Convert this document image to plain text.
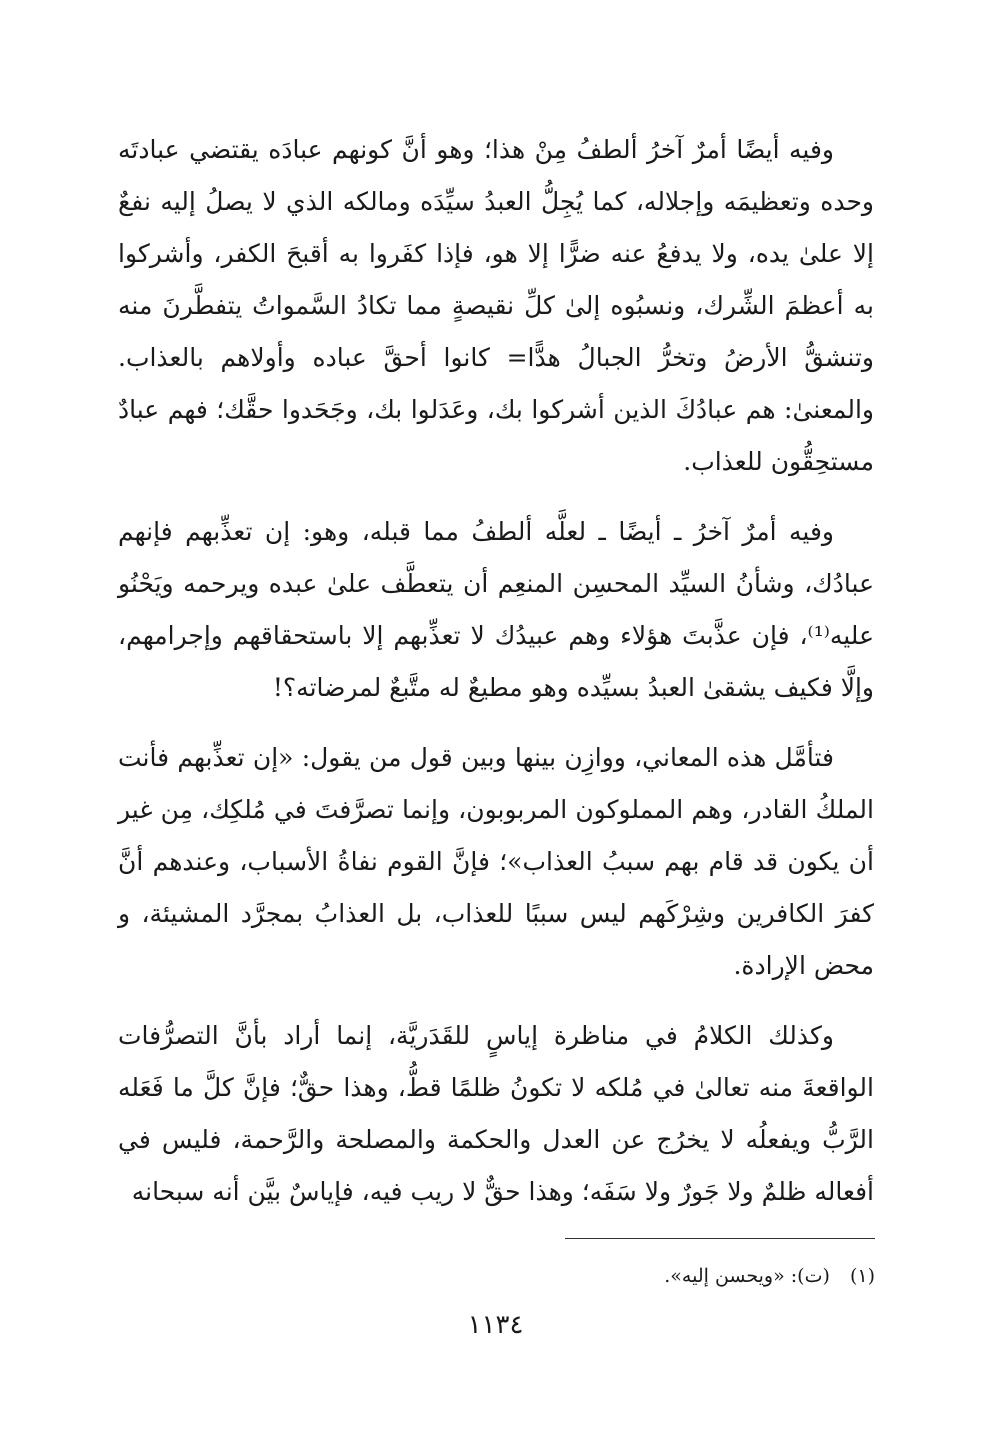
وفيه أيضًا أمرٌ آخرُ ألطفُ مِنْ هذا؛ وهو أنَّ كونهم عبادَه يقتضي عبادتَه وحده وتعظيمَه وإجلاله، كما يُجِلُّ العبدُ سيِّدَه ومالكه الذي لا يصلُ إليه نفعٌ إلا علىٰ يده، ولا يدفعُ عنه ضرًّا إلا هو، فإذا كفَروا به أقبحَ الكفر، وأشركوا به أعظمَ الشِّرك، ونسبُوه إلىٰ كلِّ نقيصةٍ مما تكادُ السَّمواتُ يتفطَّرنَ منه وتنشقُّ الأرضُ وتخرُّ الجبالُ هدًّا= كانوا أحقَّ عباده وأولاهم بالعذاب. والمعنىٰ: هم عبادُكَ الذين أشركوا بك، وعَدَلوا بك، وجَحَدوا حقَّك؛ فهم عبادٌ مستحِقُّون للعذاب.

وفيه أمرٌ آخرُ ـ أيضًا ـ لعلَّه ألطفُ مما قبله، وهو: إن تعذِّبهم فإنهم عبادُك، وشأنُ السيِّد المحسِن المنعِم أن يتعطَّف علىٰ عبده ويرحمه ويَحْنُو عليه⁽¹⁾، فإن عذَّبتَ هؤلاء وهم عبيدُك لا تعذِّبهم إلا باستحقاقهم وإجرامهم، وإلَّا فكيف يشقىٰ العبدُ بسيِّده وهو مطيعٌ له متَّبعٌ لمرضاته؟!

فتأمَّل هذه المعاني، ووازِن بينها وبين قول من يقول: «إن تعذِّبهم فأنت الملكُ القادر، وهم المملوكون المربوبون، وإنما تصرَّفتَ في مُلكِك، مِن غير أن يكون قد قام بهم سببُ العذاب»؛ فإنَّ القوم نفاةُ الأسباب، وعندهم أنَّ كفرَ الكافرين وشِرْكَهم ليس سببًا للعذاب، بل العذابُ بمجرَّد المشيئة، و محض الإرادة.

وكذلك الكلامُ في مناظرة إياسٍ للقَدَريَّة، إنما أراد بأنَّ التصرُّفات الواقعةَ منه تعالىٰ في مُلكه لا تكونُ ظلمًا قطُّ، وهذا حقٌّ؛ فإنَّ كلَّ ما فَعَله الرَّبُّ ويفعلُه لا يخرُج عن العدل والحكمة والمصلحة والرَّحمة، فليس في أفعاله ظلمٌ ولا جَورٌ ولا سَفَه؛ وهذا حقٌّ لا ريب فيه، فإياسٌ بيَّن أنه سبحانه

(١) (ت): «ويحسن إليه».
١١٣٤
